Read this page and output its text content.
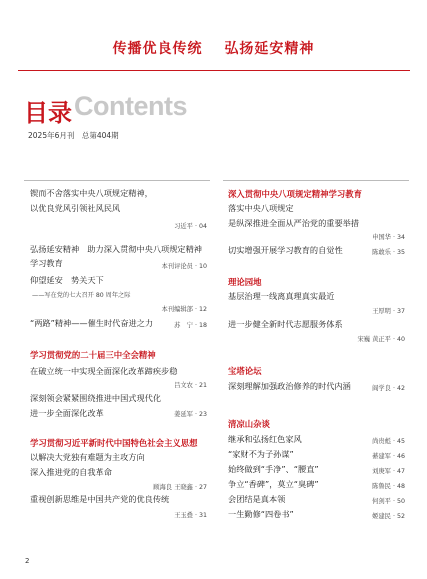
传播优良传统 弘扬延安精神
目录 Contents
2025年6月刊　总第404期
锲而不舍落实中央八项规定精神，
以优良党风引领社风民风
习近平 · 04
弘扬延安精神　助力深入贯彻中央八项规定精神
学习教育	本刊评论员 · 10
仰望延安　势关天下
——写在党的七大召开 80 周年之际
本刊编辑部 · 12
“两路”精神——催生时代奋进之力	苏　宁 · 18
学习贯彻党的二十届三中全会精神
在破立统一中实现全面深化改革蹄疾步稳
吕文农 · 21
深刻领会紧紧围绕推进中国式现代化
进一步全面深化改革	姜延军 · 23
学习贯彻习近平新时代中国特色社会主义思想
以解决大党独有难题为主攻方向
深入推进党的自我革命
顾海良 王晓鑫 · 27
重视创新思维是中国共产党的优良传统
王玉叠 · 31
深入贯彻中央八项规定精神学习教育
落实中央八项规定
是纵深推进全面从严治党的重要举措
申国华 · 34
切实增强开展学习教育的自觉性	陈敢乐 · 35
理论园地
基层治理一线离真理真实最近
王厚明 · 37
进一步健全新时代志愿服务体系
宋巍 黄正平 · 40
宝塔论坛
深刻理解加强政治修养的时代内涵	阎学良 · 42
清凉山杂谈
继承和弘扬红色家风	尚贵彪 · 45
“家财不为子孙谋”	綦建军 · 46
始终做到“手净”、“腰直”	刘庚军 · 47
争立“香碑”，莫立“臭碑”	陈鲁民 · 48
会团结是真本领	何剑平 · 50
一生勤修“四卷书”	姬建民 · 52
2
